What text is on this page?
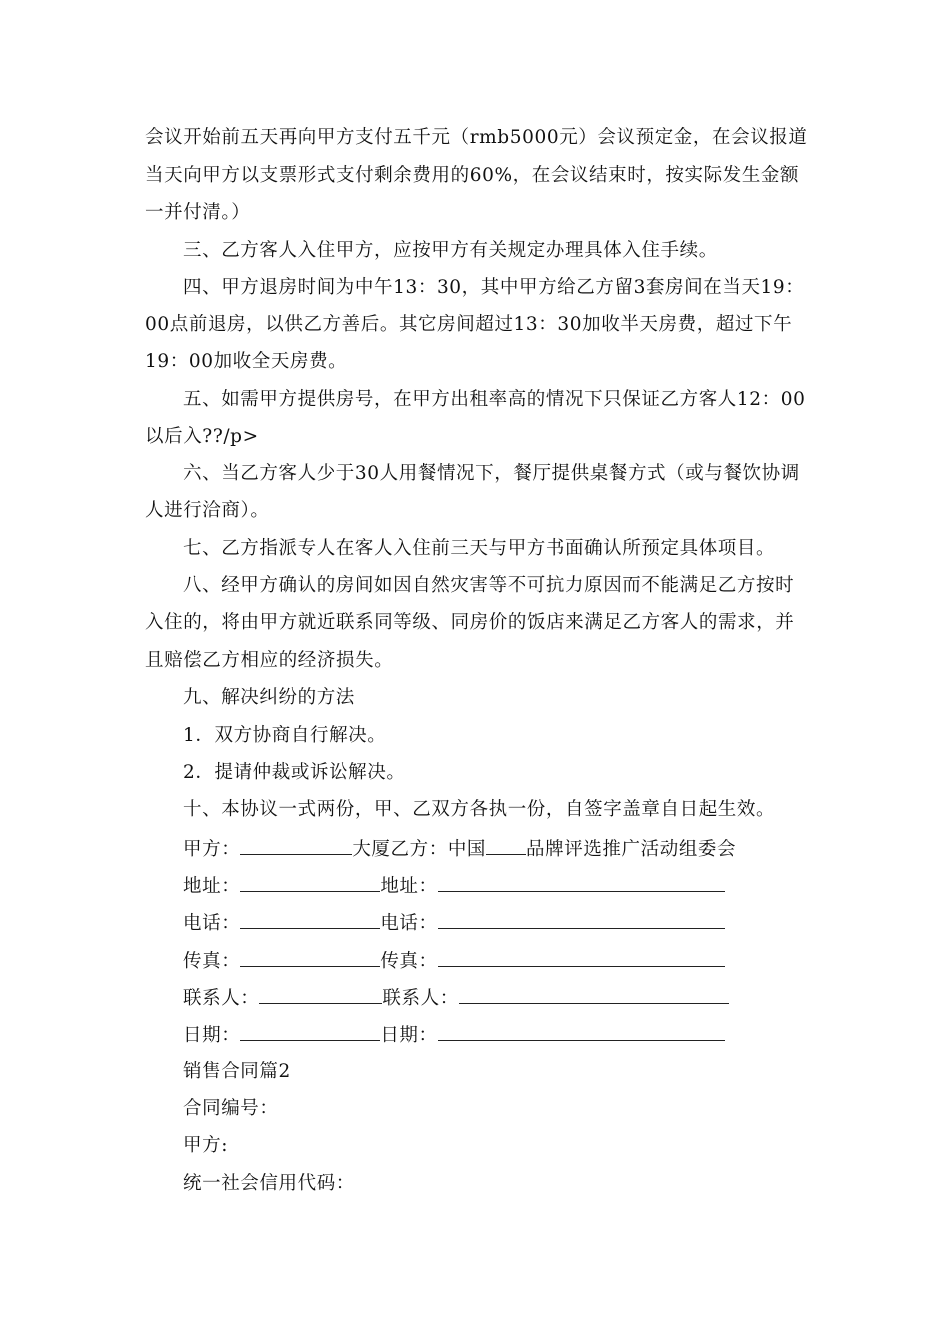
会议开始前五天再向甲方支付五千元（rmb5000元）会议预定金，在会议报道
当天向甲方以支票形式支付剩余费用的60%，在会议结束时，按实际发生金额
一并付清。）
三、乙方客人入住甲方，应按甲方有关规定办理具体入住手续。
四、甲方退房时间为中午13：30，其中甲方给乙方留3套房间在当天19：
00点前退房，以供乙方善后。其它房间超过13：30加收半天房费，超过下午
19：00加收全天房费。
五、如需甲方提供房号，在甲方出租率高的情况下只保证乙方客人12：00
以后入??/p>
六、当乙方客人少于30人用餐情况下，餐厅提供桌餐方式（或与餐饮协调
人进行洽商）。
七、乙方指派专人在客人入住前三天与甲方书面确认所预定具体项目。
八、经甲方确认的房间如因自然灾害等不可抗力原因而不能满足乙方按时
入住的，将由甲方就近联系同等级、同房价的饭店来满足乙方客人的需求，并
且赔偿乙方相应的经济损失。
九、解决纠纷的方法
1．双方协商自行解决。
2．提请仲裁或诉讼解决。
十、本协议一式两份，甲、乙双方各执一份，自签字盖章自日起生效。
甲方：	大厦乙方：中国 品牌评选推广活动组委会
地址：	地址：
电话：	电话：
传真：	传真：
联系人：	联系人：
日期：	日期：
销售合同篇2
合同编号：
甲方:
统一社会信用代码：
